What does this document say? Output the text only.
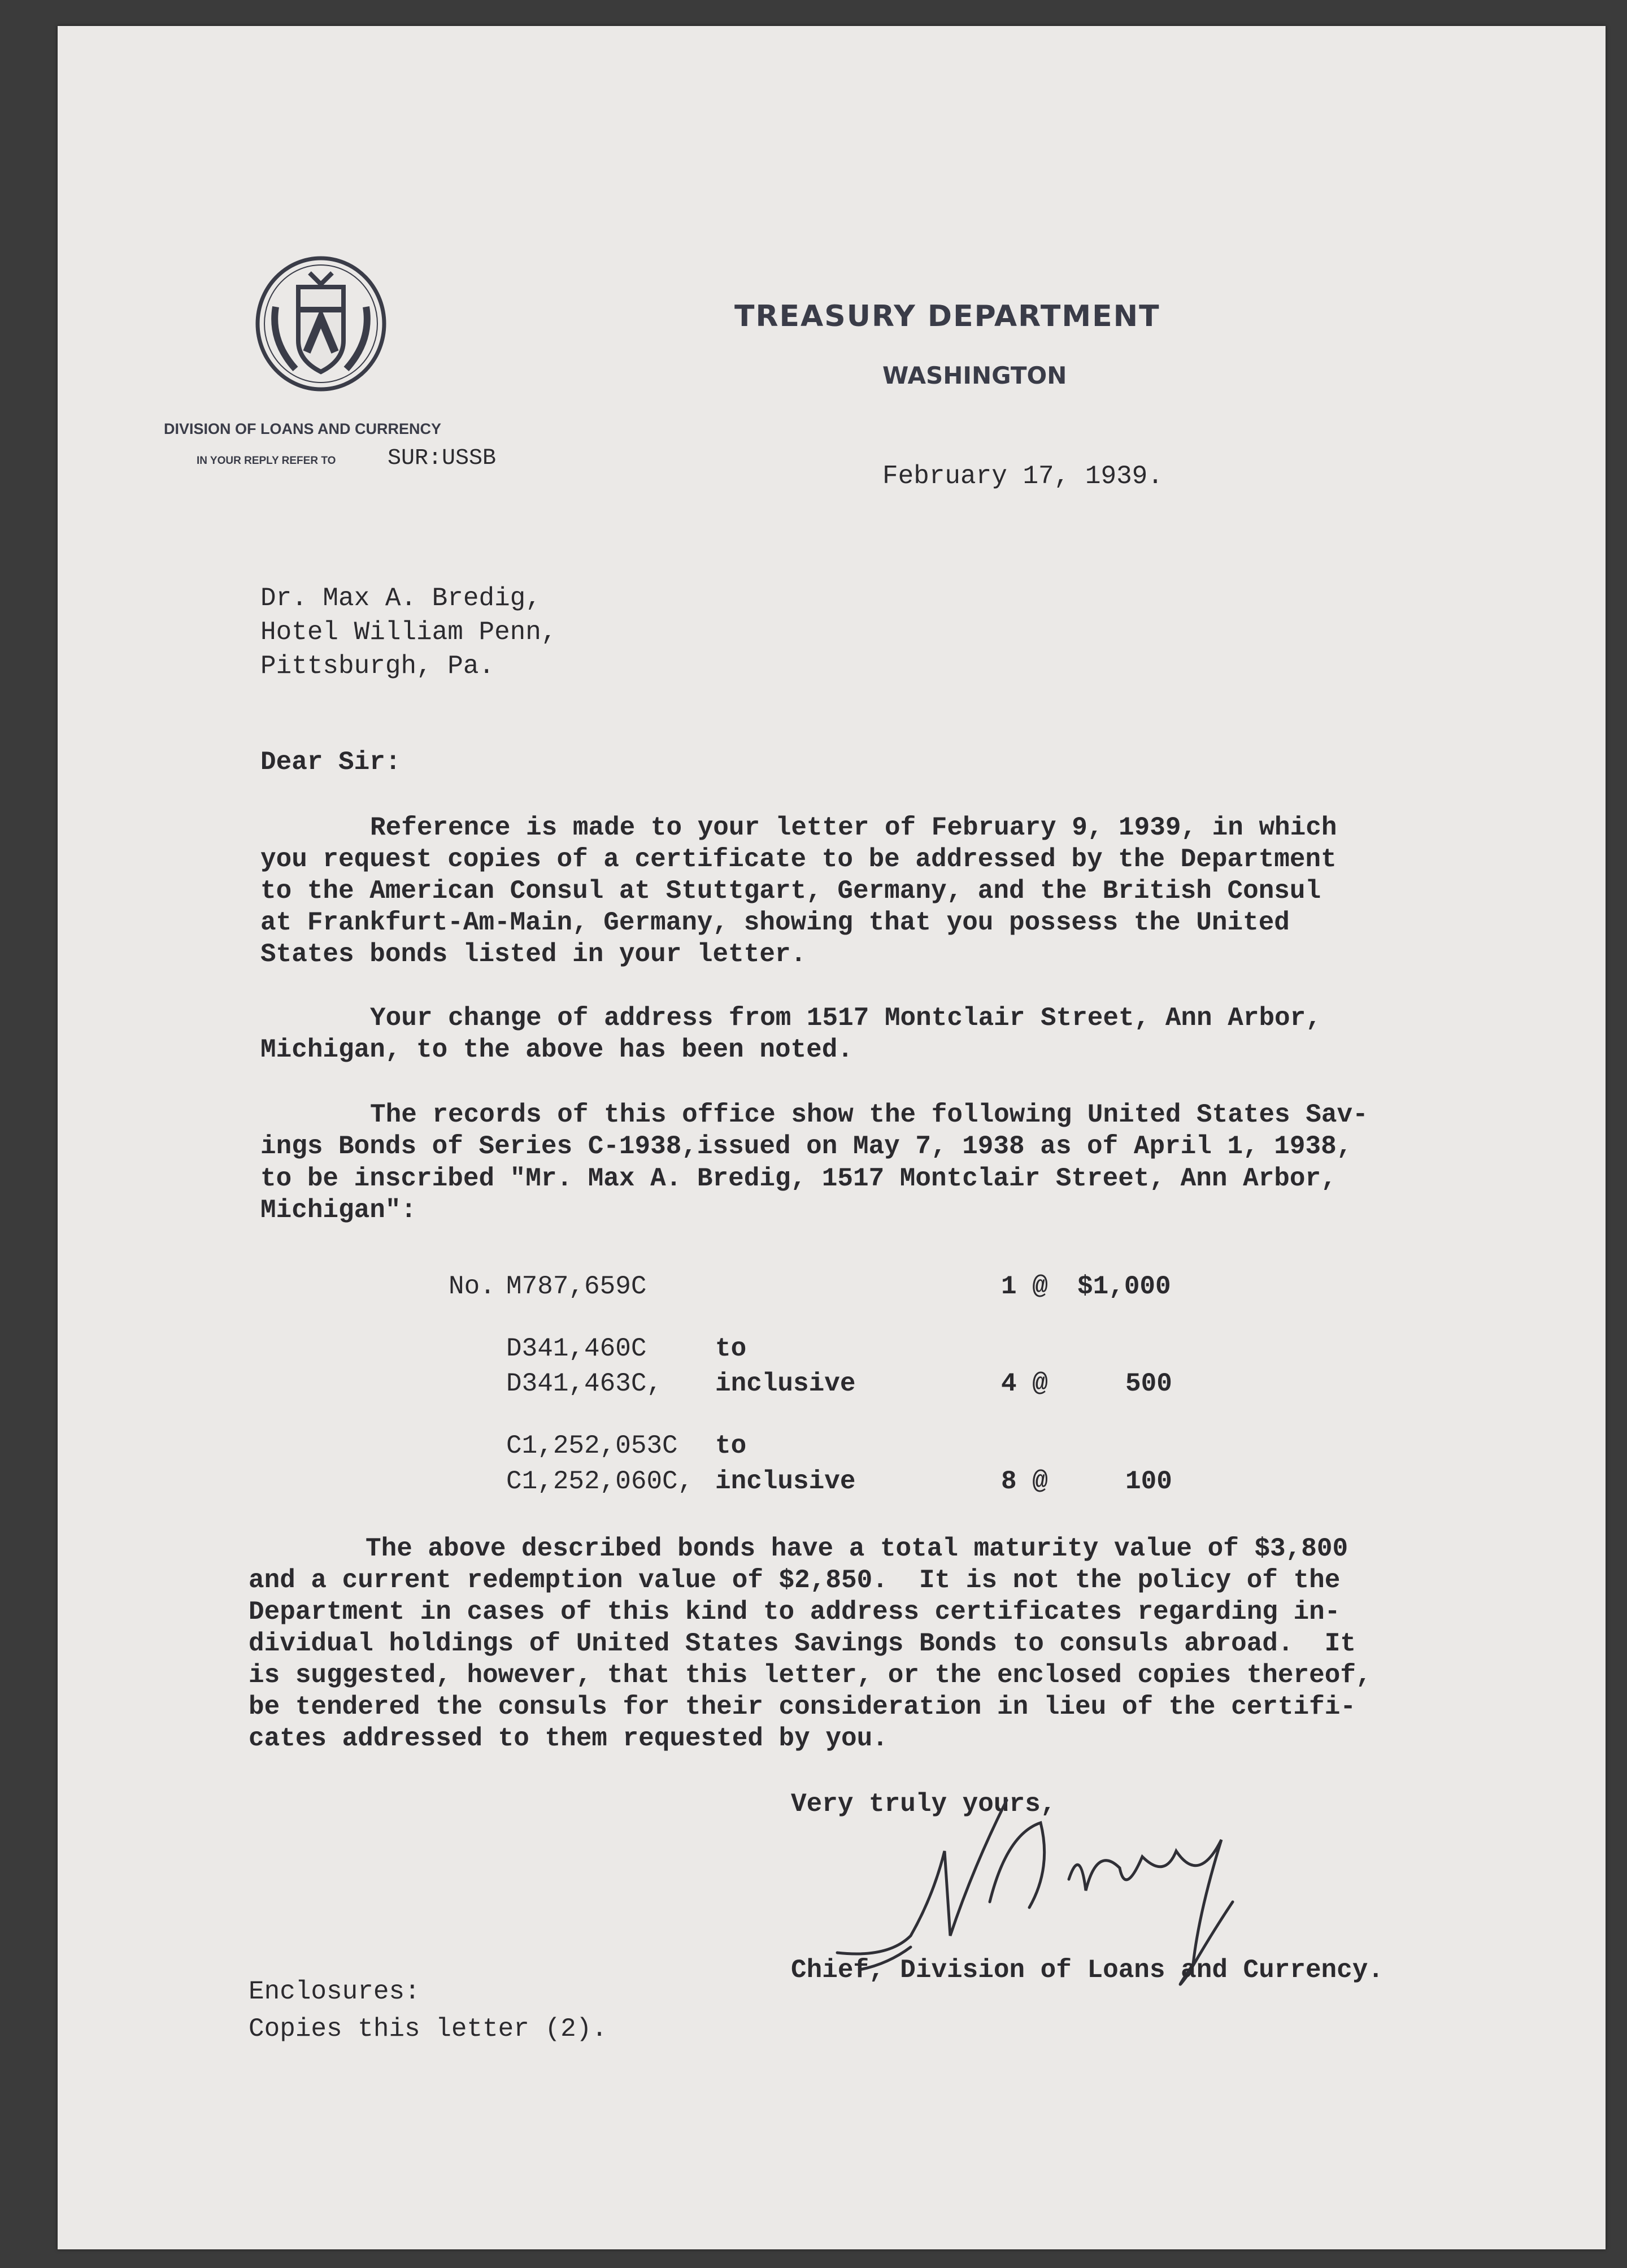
TREASURY DEPARTMENT
WASHINGTON
DIVISION OF LOANS AND CURRENCY
IN YOUR REPLY REFER TO SUR:USSB
February 17, 1939.
Dr. Max A. Bredig,
Hotel William Penn,
Pittsburgh, Pa.
Dear Sir:
Reference is made to your letter of February 9, 1939, in which
you request copies of a certificate to be addressed by the Department
to the American Consul at Stuttgart, Germany, and the British Consul
at Frankfurt-Am-Main, Germany, showing that you possess the United
States bonds listed in your letter.
Your change of address from 1517 Montclair Street, Ann Arbor,
Michigan, to the above has been noted.
The records of this office show the following United States Sav-
ings Bonds of Series C-1938,issued on May 7, 1938 as of April 1, 1938,
to be inscribed "Mr. Max A. Bredig, 1517 Montclair Street, Ann Arbor,
Michigan":
No. M787,659C	1 @ $1,000
D341,460C	to
D341,463C, inclusive	4 @	500
C1,252,053C to
C1,252,060C, inclusive	8 @	100
The above described bonds have a total maturity value of $3,800
and a current redemption value of $2,850.  It is not the policy of the
Department in cases of this kind to address certificates regarding in-
dividual holdings of United States Savings Bonds to consuls abroad.  It
is suggested, however, that this letter, or the enclosed copies thereof,
be tendered the consuls for their consideration in lieu of the certifi-
cates addressed to them requested by you.
Very truly yours,
Chief, Division of Loans and Currency.
Enclosures:
Copies this letter (2).
